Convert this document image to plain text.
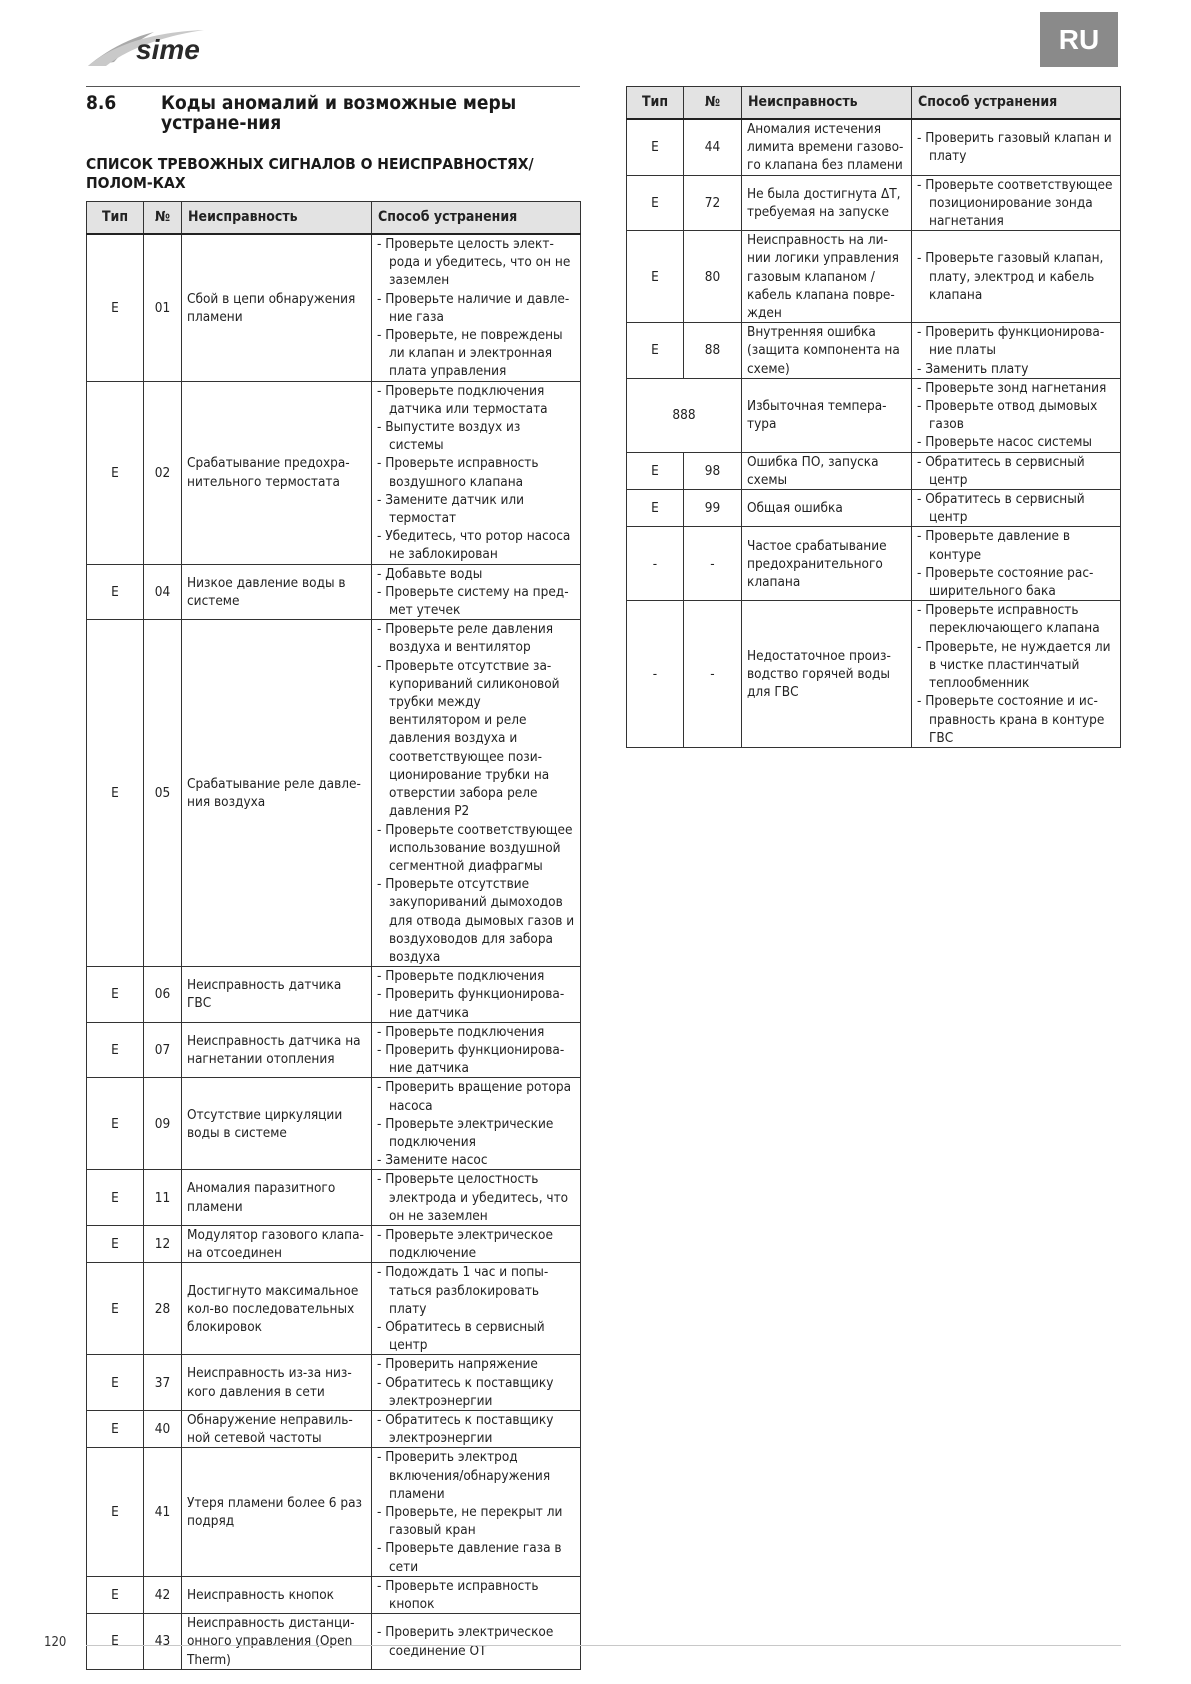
sime	RU
8.6	Коды аномалий и возможные меры устране-ния
СПИСОК ТРЕВОЖНЫХ СИГНАЛОВ О НЕИСПРАВНОСТЯХ/ПОЛОМ-КАХ
Тип	№	Неисправность	Способ устранения
E	01	Сбой в цепи обнаружения пламени	- Проверьте целость элект-рода и убедитесь, что он не заземлен
- Проверьте наличие и давле-ние газа
- Проверьте, не повреждены ли клапан и электронная плата управления

E	02	Срабатывание предохра-нительного термостата	- Проверьте подключения датчика или термостата
- Выпустите воздух из системы
- Проверьте исправность воздушного клапана
- Замените датчик или термостат
- Убедитесь, что ротор насоса не заблокирован

E	04	Низкое давление воды в системе	- Добавьте воды
- Проверьте систему на пред-мет утечек

E	05	Срабатывание реле давле-ния воздуха	- Проверьте реле давления воздуха и вентилятор
- Проверьте отсутствие за-купориваний силиконовой трубки между вентилятором и реле давления воздуха и соответствующее пози-ционирование трубки на отверстии забора реле давления P2
- Проверьте соответствующее использование воздушной сегментной диафрагмы
- Проверьте отсутствие закупориваний дымоходов для отвода дымовых газов и воздуховодов для забора воздуха

E	06	Неисправность датчика ГВС	- Проверьте подключения
- Проверить функционирова-ние датчика

E	07	Неисправность датчика на нагнетании отопления	- Проверьте подключения
- Проверить функционирова-ние датчика

E	09	Отсутствие циркуляции воды в системе	- Проверить вращение ротора насоса
- Проверьте электрические подключения
- Замените насос

E	11	Аномалия паразитного пламени	- Проверьте целостность электрода и убедитесь, что он не заземлен

E	12	Модулятор газового клапа-на отсоединен	- Проверьте электрическое подключение

E	28	Достигнуто максимальное кол-во последовательных блокировок	- Подождать 1 час и попы-таться разблокировать плату
- Обратитесь в сервисный центр

E	37	Неисправность из-за низ-кого давления в сети	- Проверить напряжение
- Обратитесь к поставщику электроэнергии

E	40	Обнаружение неправиль-ной сетевой частоты	- Обратитесь к поставщику электроэнергии

E	41	Утеря пламени более 6 раз подряд	- Проверить электрод включения/обнаружения пламени
- Проверьте, не перекрыт ли газовый кран
- Проверьте давление газа в сети

E	42	Неисправность кнопок	- Проверьте исправность кнопок

E	43	Неисправность дистанци-онного управления (Open Therm)	- Проверить электрическое соединение ОТ
Тип	№	Неисправность	Способ устранения
E	44	Аномалия истечения лимита времени газово-го клапана без пламени	- Проверить газовый клапан и плату

E	72	Не была достигнута ΔT, требуемая на запуске	- Проверьте соответствующее позиционирование зонда нагнетания

E	80	Неисправность на ли-нии логики управления газовым клапаном / кабель клапана повре-жден	- Проверьте газовый клапан, плату, электрод и кабель клапана

E	88	Внутренняя ошибка (защита компонента на схеме)	- Проверить функционирова-ние платы
- Заменить плату

888		Избыточная темпера-тура	- Проверьте зонд нагнетания
- Проверьте отвод дымовых газов
- Проверьте насос системы

E	98	Ошибка ПО, запуска схемы	- Обратитесь в сервисный центр

E	99	Общая ошибка	- Обратитесь в сервисный центр

-	-	Частое срабатывание предохранительного клапана	- Проверьте давление в контуре
- Проверьте состояние рас-ширительного бака

-	-	Недостаточное произ-водство горячей воды для ГВС	- Проверьте исправность переключающего клапана
- Проверьте, не нуждается ли в чистке пластинчатый теплообменник
- Проверьте состояние и ис-правность крана в контуре ГВС
120
